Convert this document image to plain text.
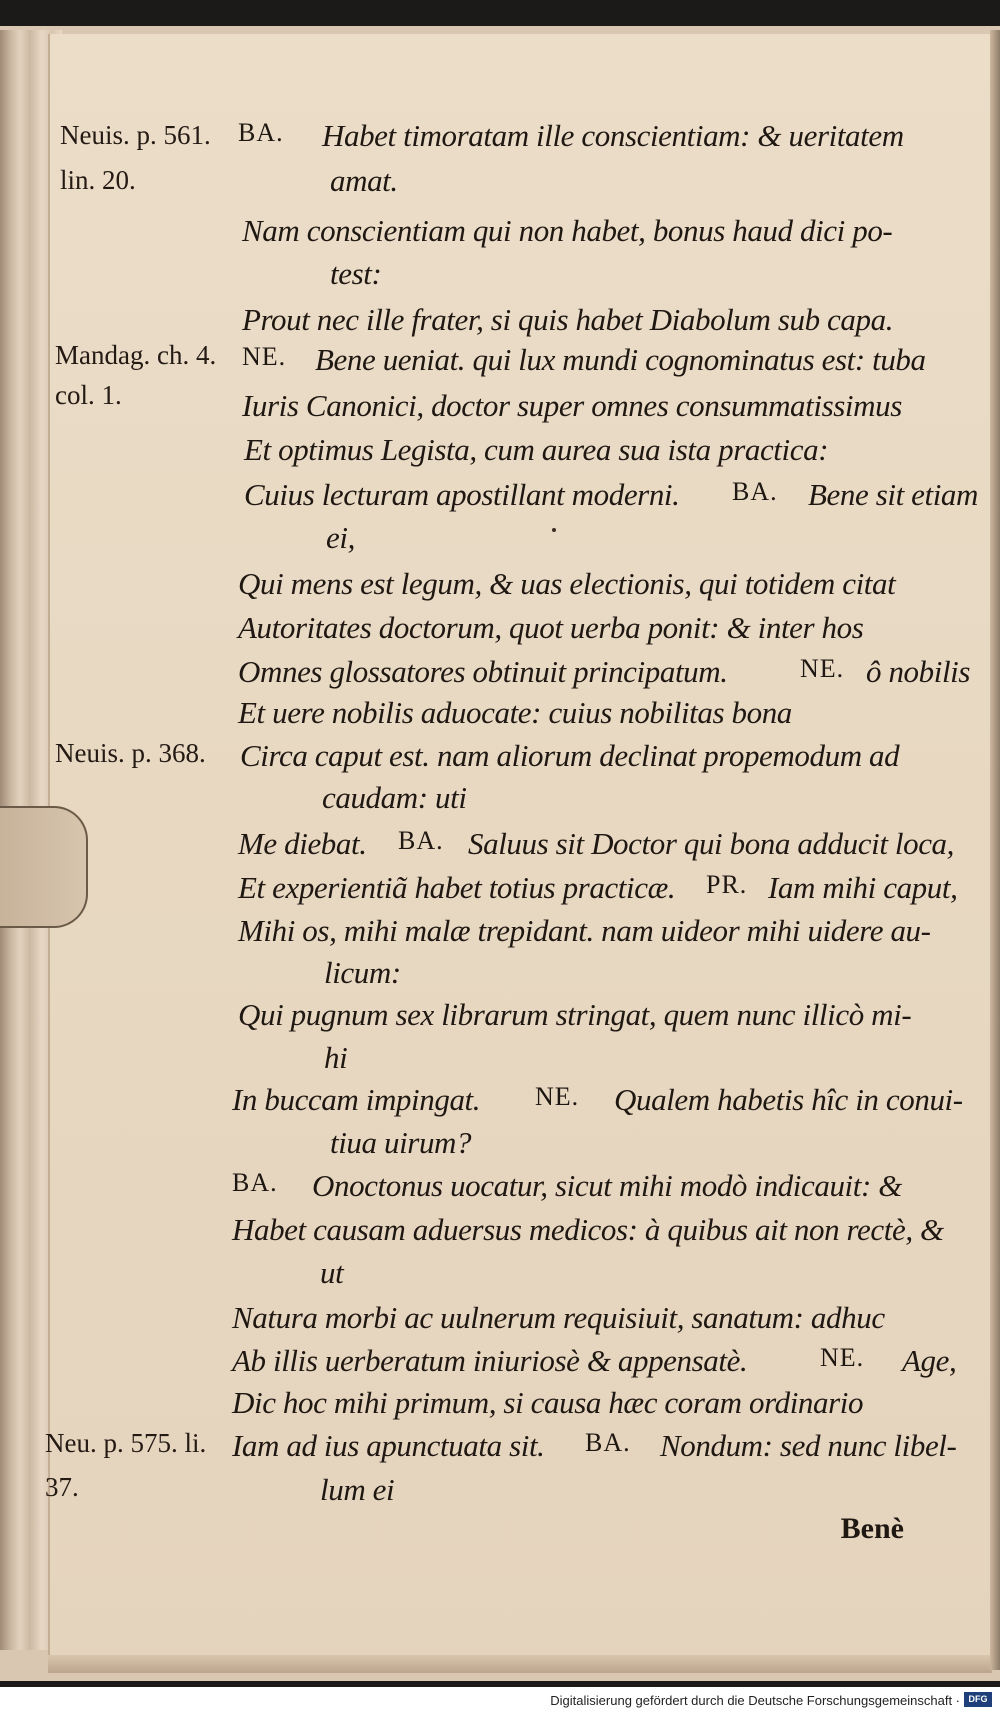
Neuis. p. 561.
lin. 20.
Mandag. ch. 4.
col. 1.
Neuis. p. 368.
Neu. p. 575. li.
37.
BA. Habet timoratam ille conscientiam: & ueritatem
amat.
Nam conscientiam qui non habet, bonus haud dici po-
test:
Prout nec ille frater, si quis habet Diabolum sub capa.
NE. Bene ueniat. qui lux mundi cognominatus est: tuba
Iuris Canonici, doctor super omnes consummatissimus
Et optimus Legista, cum aurea sua ista practica:
Cuius lecturam apostillant moderni. BA. Bene sit etiam
ei,
Qui mens est legum, & uas electionis, qui totidem citat
Autoritates doctorum, quot uerba ponit: & inter hos
Omnes glossatores obtinuit principatum.	NE. ô nobilis
Et uere nobilis aduocate: cuius nobilitas bona
Circa caput est. nam aliorum declinat propemodum ad
caudam: uti
Me diebat. BA. Saluus sit Doctor qui bona adducit loca,
Et experientiã habet totius practicæ. PR. Iam mihi caput,
Mihi os, mihi malæ trepidant. nam uideor mihi uidere au-
licum:
Qui pugnum sex librarum stringat, quem nunc illicò mi-
hi
In buccam impingat. NE. Qualem habetis hîc in conui-
tiua uirum?
BA. Onoctonus uocatur, sicut mihi modò indicauit: &
Habet causam aduersus medicos: à quibus ait non rectè, &
ut
Natura morbi ac uulnerum requisiuit, sanatum: adhuc
Ab illis uerberatum iniuriosè & appensatè.	NE. Age,
Dic hoc mihi primum, si causa hæc coram ordinario
Iam ad ius apunctuata sit. BA. Nondum: sed nunc libel-
lum ei
Benè
Digitalisierung gefördert durch die Deutsche Forschungsgemeinschaft · DFG
